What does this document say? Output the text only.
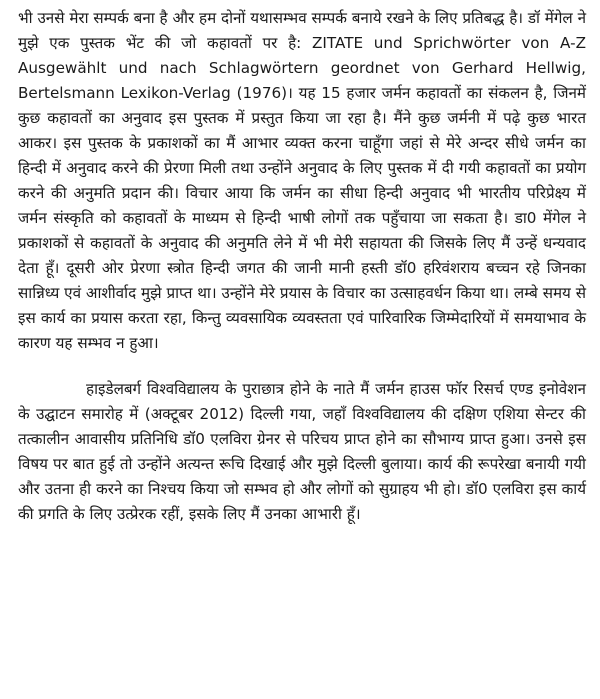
भी उनसे मेरा सम्पर्क बना है और हम दोनों यथासम्भव सम्पर्क बनाये रखने के लिए प्रतिबद्ध है। डॉ मेंगेल ने मुझे एक पुस्तक भेंट की जो कहावतों पर है: ZITATE und Sprichwörter von A-Z Ausgewählt und nach Schlagwörtern geordnet von Gerhard Hellwig, Bertelsmann Lexikon-Verlag (1976)। यह 15 हजार जर्मन कहावतों का संकलन है, जिनमें कुछ कहावतों का अनुवाद इस पुस्तक में प्रस्तुत किया जा रहा है। मैंने कुछ जर्मनी में पढ़े कुछ भारत आकर। इस पुस्तक के प्रकाशकों का मैं आभार व्यक्त करना चाहूँगा जहां से मेरे अन्दर सीधे जर्मन का हिन्दी में अनुवाद करने की प्रेरणा मिली तथा उन्होंने अनुवाद के लिए पुस्तक में दी गयी कहावतों का प्रयोग करने की अनुमति प्रदान की। विचार आया कि जर्मन का सीधा हिन्दी अनुवाद भी भारतीय परिप्रेक्ष्य में जर्मन संस्कृति को कहावतों के माध्यम से हिन्दी भाषी लोगों तक पहुँचाया जा सकता है। डा0 मेंगेल ने प्रकाशकों से कहावतों के अनुवाद की अनुमति लेने में भी मेरी सहायता की जिसके लिए मैं उन्हें धन्यवाद देता हूँ। दूसरी ओर प्रेरणा स्त्रोत हिन्दी जगत की जानी मानी हस्ती डॉ0 हरिवंशराय बच्चन रहे जिनका सान्निध्य एवं आशीर्वाद मुझे प्राप्त था। उन्होंने मेरे प्रयास के विचार का उत्साहवर्धन किया था। लम्बे समय से इस कार्य का प्रयास करता रहा, किन्तु व्यवसायिक व्यवस्तता एवं पारिवारिक जिम्मेदारियों में समयाभाव के कारण यह सम्भव न हुआ।

हाइडेलबर्ग विश्वविद्यालय के पुराछात्र होने के नाते मैं जर्मन हाउस फॉर रिसर्च एण्ड इनोवेशन के उद्घाटन समारोह में (अक्टूबर 2012) दिल्ली गया, जहाँ विश्वविद्यालय की दक्षिण एशिया सेन्टर की तत्कालीन आवासीय प्रतिनिधि डॉ0 एलविरा ग्रेनर से परिचय प्राप्त होने का सौभाग्य प्राप्त हुआ। उनसे इस विषय पर बात हुई तो उन्होंने अत्यन्त रूचि दिखाई और मुझे दिल्ली बुलाया। कार्य की रूपरेखा बनायी गयी और उतना ही करने का निश्चय किया जो सम्भव हो और लोगों को सुग्राहय भी हो। डॉ0 एलविरा इस कार्य की प्रगति के लिए उत्प्रेरक रहीं, इसके लिए मैं उनका आभारी हूँ।
